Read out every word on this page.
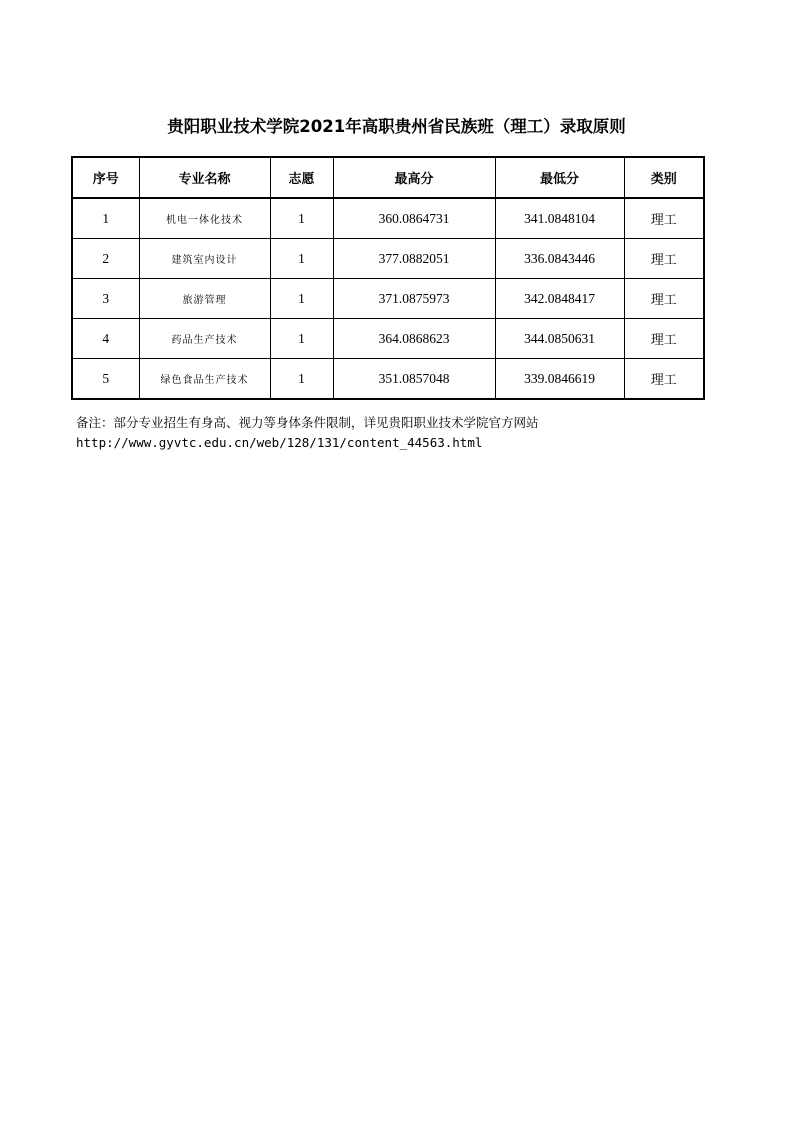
贵阳职业技术学院2021年高职贵州省民族班（理工）录取原则
序号	专业名称	志愿	最高分	最低分	类别
1	机电一体化技术	1	360.0864731	341.0848104	理工
2	建筑室内设计	1	377.0882051	336.0843446	理工
3	旅游管理	1	371.0875973	342.0848417	理工
4	药品生产技术	1	364.0868623	344.0850631	理工
5	绿色食品生产技术	1	351.0857048	339.0846619	理工
备注：部分专业招生有身高、视力等身体条件限制，详见贵阳职业技术学院官方网站
http://www.gyvtc.edu.cn/web/128/131/content_44563.html
